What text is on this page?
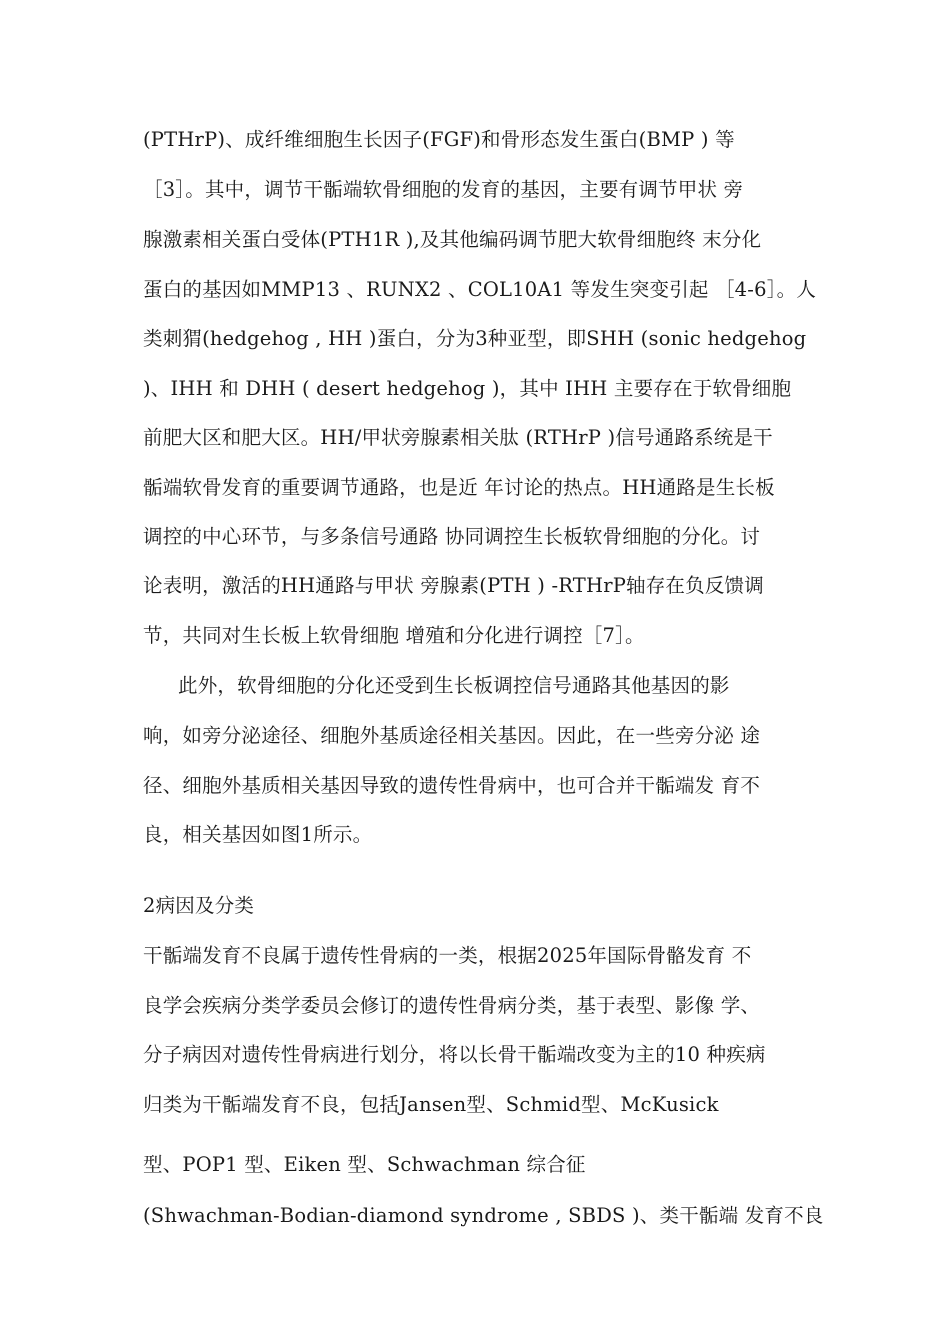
(PTHrP)、成纤维细胞生长因子(FGF)和骨形态发生蛋白(BMP ) 等
［3］。其中，调节干骺端软骨细胞的发育的基因，主要有调节甲状 旁
腺激素相关蛋白受体(PTH1R ),及其他编码调节肥大软骨细胞终 末分化
蛋白的基因如MMP13 、RUNX2 、COL10A1 等发生突变引起 ［4-6］。人
类刺猬(hedgehog , HH )蛋白，分为3种亚型，即SHH (sonic hedgehog
)、IHH 和 DHH ( desert hedgehog )，其中 IHH 主要存在于软骨细胞
前肥大区和肥大区。HH/甲状旁腺素相关肽 (RTHrP )信号通路系统是干
骺端软骨发育的重要调节通路，也是近 年讨论的热点。HH通路是生长板
调控的中心环节，与多条信号通路 协同调控生长板软骨细胞的分化。讨
论表明，激活的HH通路与甲状 旁腺素(PTH ) -RTHrP轴存在负反馈调
节，共同对生长板上软骨细胞 增殖和分化进行调控［7］。
此外，软骨细胞的分化还受到生长板调控信号通路其他基因的影
响，如旁分泌途径、细胞外基质途径相关基因。因此，在一些旁分泌 途
径、细胞外基质相关基因导致的遗传性骨病中，也可合并干骺端发 育不
良，相关基因如图1所示。
2病因及分类
干骺端发育不良属于遗传性骨病的一类，根据2025年国际骨骼发育 不
良学会疾病分类学委员会修订的遗传性骨病分类，基于表型、影像 学、
分子病因对遗传性骨病进行划分，将以长骨干骺端改变为主的10 种疾病
归类为干骺端发育不良，包括Jansen型、Schmid型、McKusick
型、POP1 型、Eiken 型、Schwachman 综合征
(Shwachman-Bodian-diamond syndrome , SBDS )、类干骺端 发育不良
